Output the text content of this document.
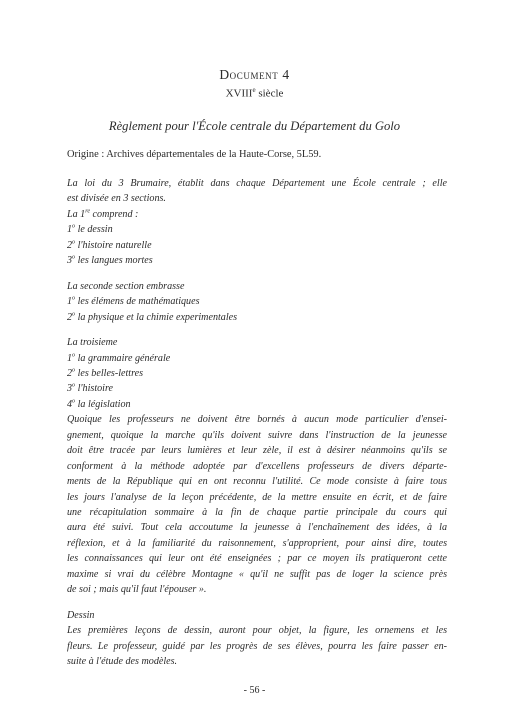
Document 4
XVIIIe siècle
Règlement pour l'École centrale du Département du Golo
Origine : Archives départementales de la Haute-Corse, 5L59.
La loi du 3 Brumaire, établit dans chaque Département une École centrale ; elle
est divisée en 3 sections.
La 1re comprend :
1$^o$ le dessin
2$^o$ l'histoire naturelle
3$^o$ les langues mortes
La seconde section embrasse
1$^o$ les élémens de mathématiques
2$^o$ la physique et la chimie experimentales
La troisieme
1$^o$ la grammaire générale
2$^o$ les belles-lettres
3$^o$ l'histoire
4$^o$ la législation
Quoique les professeurs ne doivent être bornés à aucun mode particulier d'ensei-
gnement, quoique la marche qu'ils doivent suivre dans l'instruction de la jeunesse
doit être tracée par leurs lumières et leur zèle, il est à désirer néanmoins qu'ils se
conforment à la méthode adoptée par d'excellens professeurs de divers départe-
ments de la République qui en ont reconnu l'utilité. Ce mode consiste à faire tous
les jours l'analyse de la leçon précédente, de la mettre ensuite en écrit, et de faire
une récapitulation sommaire à la fin de chaque partie principale du cours qui
aura été suivi. Tout cela accoutume la jeunesse à l'enchaînement des idées, à la
réflexion, et à la familiarité du raisonnement, s'approprient, pour ainsi dire, toutes
les connaissances qui leur ont été enseignées ; par ce moyen ils pratiqueront cette
maxime si vrai du célèbre Montagne « qu'il ne suffit pas de loger la science près
de soi ; mais qu'il faut l'épouser ».
Dessin
Les premières leçons de dessin, auront pour objet, la figure, les ornemens et les
fleurs. Le professeur, guidé par les progrès de ses élèves, pourra les faire passer en-
suite à l'étude des modèles.
- 56 -
